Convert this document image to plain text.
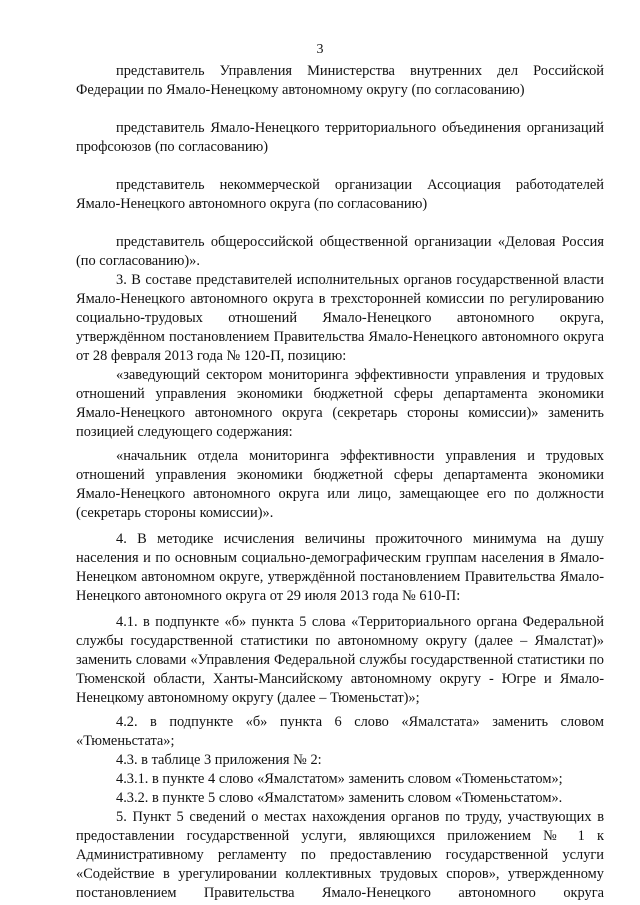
3

представитель Управления Министерства внутренних дел Российской Федерации по Ямало-Ненецкому автономному округу (по согласованию)

представитель Ямало-Ненецкого территориального объединения организаций профсоюзов (по согласованию)

представитель некоммерческой организации Ассоциация работодателей Ямало-Ненецкого автономного округа (по согласованию)

представитель общероссийской общественной организации «Деловая Россия (по согласованию)».

3. В составе представителей исполнительных органов государственной власти Ямало-Ненецкого автономного округа в трехсторонней комиссии по регулированию социально-трудовых отношений Ямало-Ненецкого автономного округа, утверждённом постановлением Правительства Ямало-Ненецкого автономного округа от 28 февраля 2013 года № 120-П, позицию:

«заведующий сектором мониторинга эффективности управления и трудовых отношений управления экономики бюджетной сферы департамента экономики Ямало-Ненецкого автономного округа (секретарь стороны комиссии)» заменить позицией следующего содержания:

«начальник отдела мониторинга эффективности управления и трудовых отношений управления экономики бюджетной сферы департамента экономики Ямало-Ненецкого автономного округа или лицо, замещающее его по должности (секретарь стороны комиссии)».

4. В методике исчисления величины прожиточного минимума на душу населения и по основным социально-демографическим группам населения в Ямало-Ненецком автономном округе, утверждённой постановлением Правительства Ямало-Ненецкого автономного округа от 29 июля 2013 года № 610-П:

4.1. в подпункте «б» пункта 5 слова «Территориального органа Федеральной службы государственной статистики по автономному округу (далее – Ямалстат)» заменить словами «Управления Федеральной службы государственной статистики по Тюменской области, Ханты-Мансийскому автономному округу - Югре и Ямало-Ненецкому автономному округу (далее – Тюменьстат)»;

4.2. в подпункте «б» пункта 6 слово «Ямалстата» заменить словом «Тюменьстата»;

4.3. в таблице 3 приложения № 2:

4.3.1. в пункте 4 слово «Ямалстатом» заменить словом «Тюменьстатом»;

4.3.2. в пункте 5 слово «Ямалстатом» заменить словом «Тюменьстатом».

5. Пункт 5 сведений о местах нахождения органов по труду, участвующих в предоставлении государственной услуги, являющихся приложением № 1 к Административному регламенту по предоставлению государственной услуги «Содействие в урегулировании коллективных трудовых споров», утвержденному постановлением Правительства Ямало-Ненецкого автономного округа
